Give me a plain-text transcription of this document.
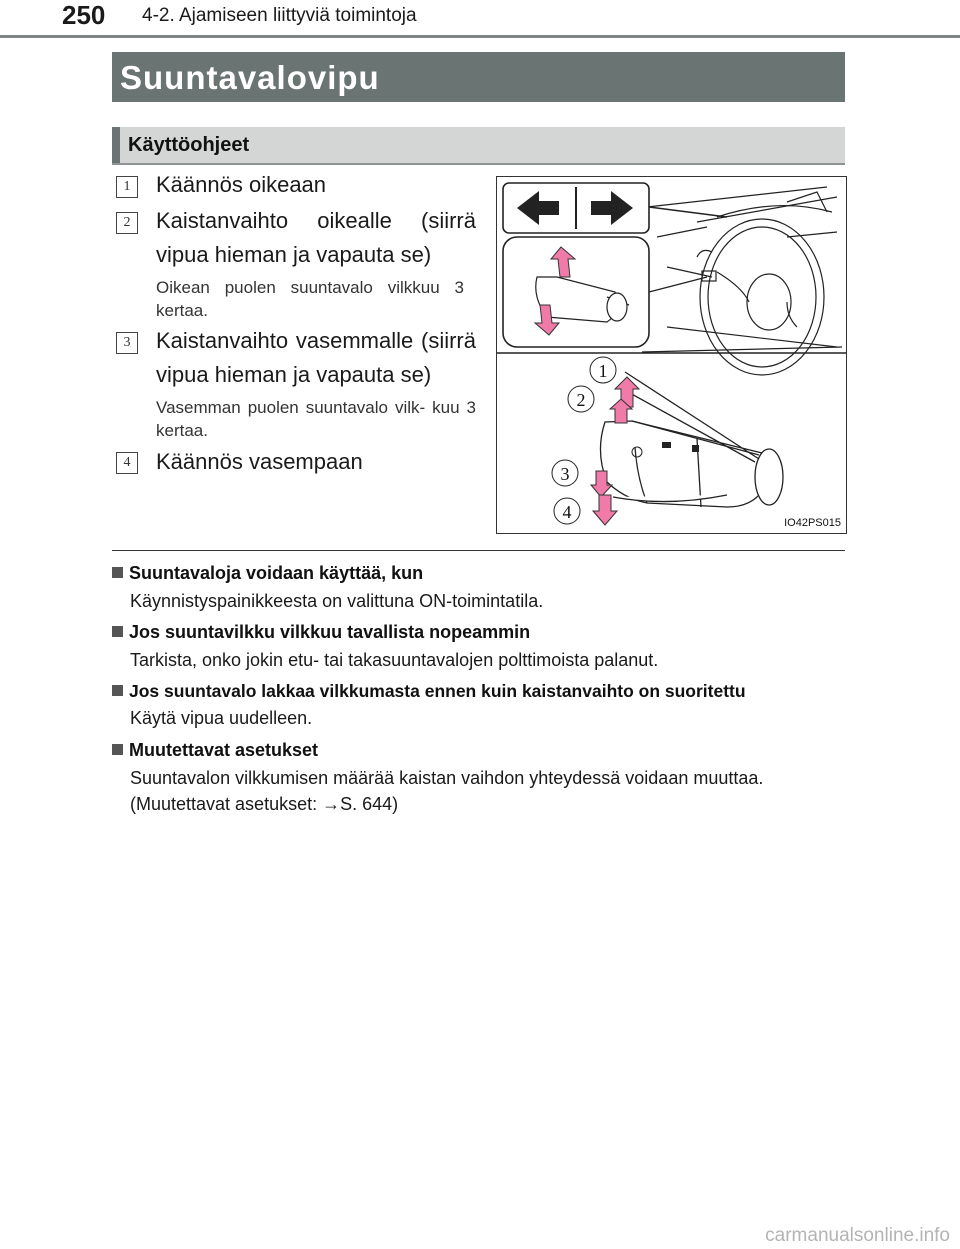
250 4-2. Ajamiseen liittyviä toimintoja
Suuntavalovipu
Käyttöohjeet
1	Käännös oikeaan
2	Kaistanvaihto oikealle (siirrä vipua hieman ja vapauta se)
Oikean puolen suuntavalo vilkkuu 3 kertaa.
3	Kaistanvaihto vasemmalle (siirrä vipua hieman ja vapauta se)
Vasemman puolen suuntavalo vilk- kuu 3 kertaa.
4	Käännös vasempaan
1
2
3
4
IO42PS015
Suuntavaloja voidaan käyttää, kun
Käynnistyspainikkeesta on valittuna ON-toimintatila.
Jos suuntavilkku vilkkuu tavallista nopeammin
Tarkista, onko jokin etu- tai takasuuntavalojen polttimoista palanut.
Jos suuntavalo lakkaa vilkkumasta ennen kuin kaistanvaihto on suoritettu
Käytä vipua uudelleen.
Muutettavat asetukset
Suuntavalon vilkkumisen määrää kaistan vaihdon yhteydessä voidaan muuttaa.
(Muutettavat asetukset: →S. 644)
carmanualsonline.info
